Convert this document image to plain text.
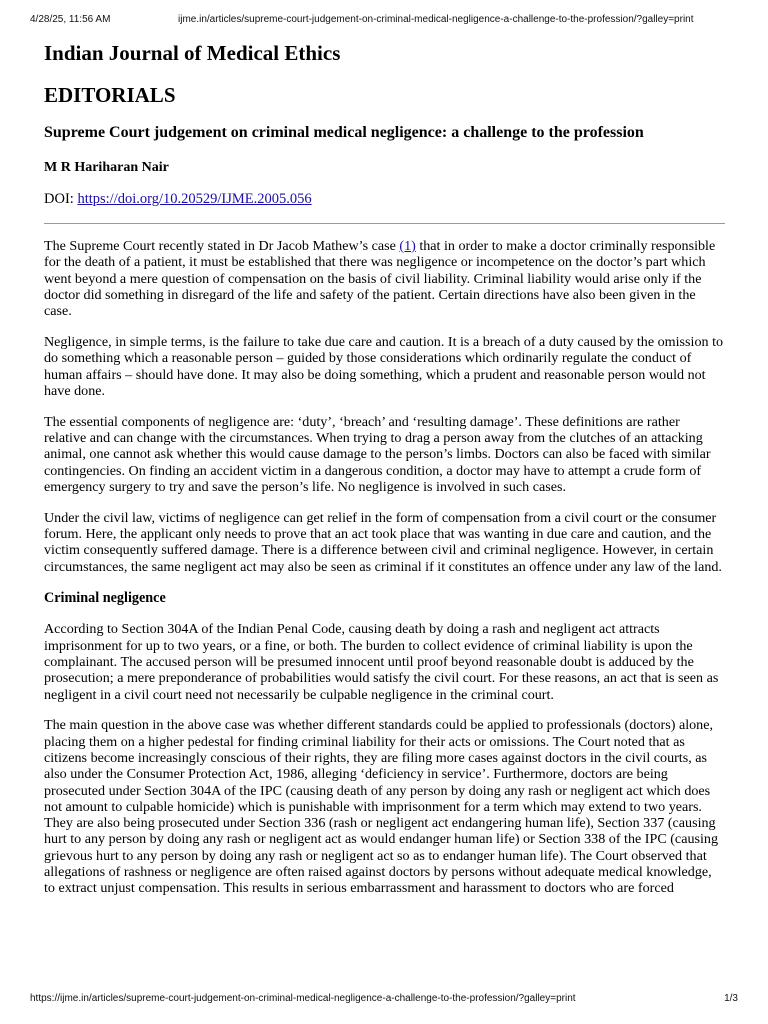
4/28/25, 11:56 AM	ijme.in/articles/supreme-court-judgement-on-criminal-medical-negligence-a-challenge-to-the-profession/?galley=print
Indian Journal of Medical Ethics
EDITORIALS
Supreme Court judgement on criminal medical negligence: a challenge to the profession
M R Hariharan Nair
DOI: https://doi.org/10.20529/IJME.2005.056

The Supreme Court recently stated in Dr Jacob Mathew’s case (1) that in order to make a doctor criminally responsible for the death of a patient, it must be established that there was negligence or incompetence on the doctor’s part which went beyond a mere question of compensation on the basis of civil liability. Criminal liability would arise only if the doctor did something in disregard of the life and safety of the patient. Certain directions have also been given in the case.

Negligence, in simple terms, is the failure to take due care and caution. It is a breach of a duty caused by the omission to do something which a reasonable person – guided by those considerations which ordinarily regulate the conduct of human affairs – should have done. It may also be doing something, which a prudent and reasonable person would not have done.

The essential components of negligence are: ‘duty’, ‘breach’ and ‘resulting damage’. These definitions are rather relative and can change with the circumstances. When trying to drag a person away from the clutches of an attacking animal, one cannot ask whether this would cause damage to the person’s limbs. Doctors can also be faced with similar contingencies. On finding an accident victim in a dangerous condition, a doctor may have to attempt a crude form of emergency surgery to try and save the person’s life. No negligence is involved in such cases.

Under the civil law, victims of negligence can get relief in the form of compensation from a civil court or the consumer forum. Here, the applicant only needs to prove that an act took place that was wanting in due care and caution, and the victim consequently suffered damage. There is a difference between civil and criminal negligence. However, in certain circumstances, the same negligent act may also be seen as criminal if it constitutes an offence under any law of the land.

Criminal negligence

According to Section 304A of the Indian Penal Code, causing death by doing a rash and negligent act attracts imprisonment for up to two years, or a fine, or both. The burden to collect evidence of criminal liability is upon the complainant. The accused person will be presumed innocent until proof beyond reasonable doubt is adduced by the prosecution; a mere preponderance of probabilities would satisfy the civil court. For these reasons, an act that is seen as negligent in a civil court need not necessarily be culpable negligence in the criminal court.

The main question in the above case was whether different standards could be applied to professionals (doctors) alone, placing them on a higher pedestal for finding criminal liability for their acts or omissions. The Court noted that as citizens become increasingly conscious of their rights, they are filing more cases against doctors in the civil courts, as also under the Consumer Protection Act, 1986, alleging ‘deficiency in service’. Furthermore, doctors are being prosecuted under Section 304A of the IPC (causing death of any person by doing any rash or negligent act which does not amount to culpable homicide) which is punishable with imprisonment for a term which may extend to two years. They are also being prosecuted under Section 336 (rash or negligent act endangering human life), Section 337 (causing hurt to any person by doing any rash or negligent act as would endanger human life) or Section 338 of the IPC (causing grievous hurt to any person by doing any rash or negligent act so as to endanger human life). The Court observed that allegations of rashness or negligence are often raised against doctors by persons without adequate medical knowledge, to extract unjust compensation. This results in serious embarrassment and harassment to doctors who are forced

https://ijme.in/articles/supreme-court-judgement-on-criminal-medical-negligence-a-challenge-to-the-profession/?galley=print	1/3
